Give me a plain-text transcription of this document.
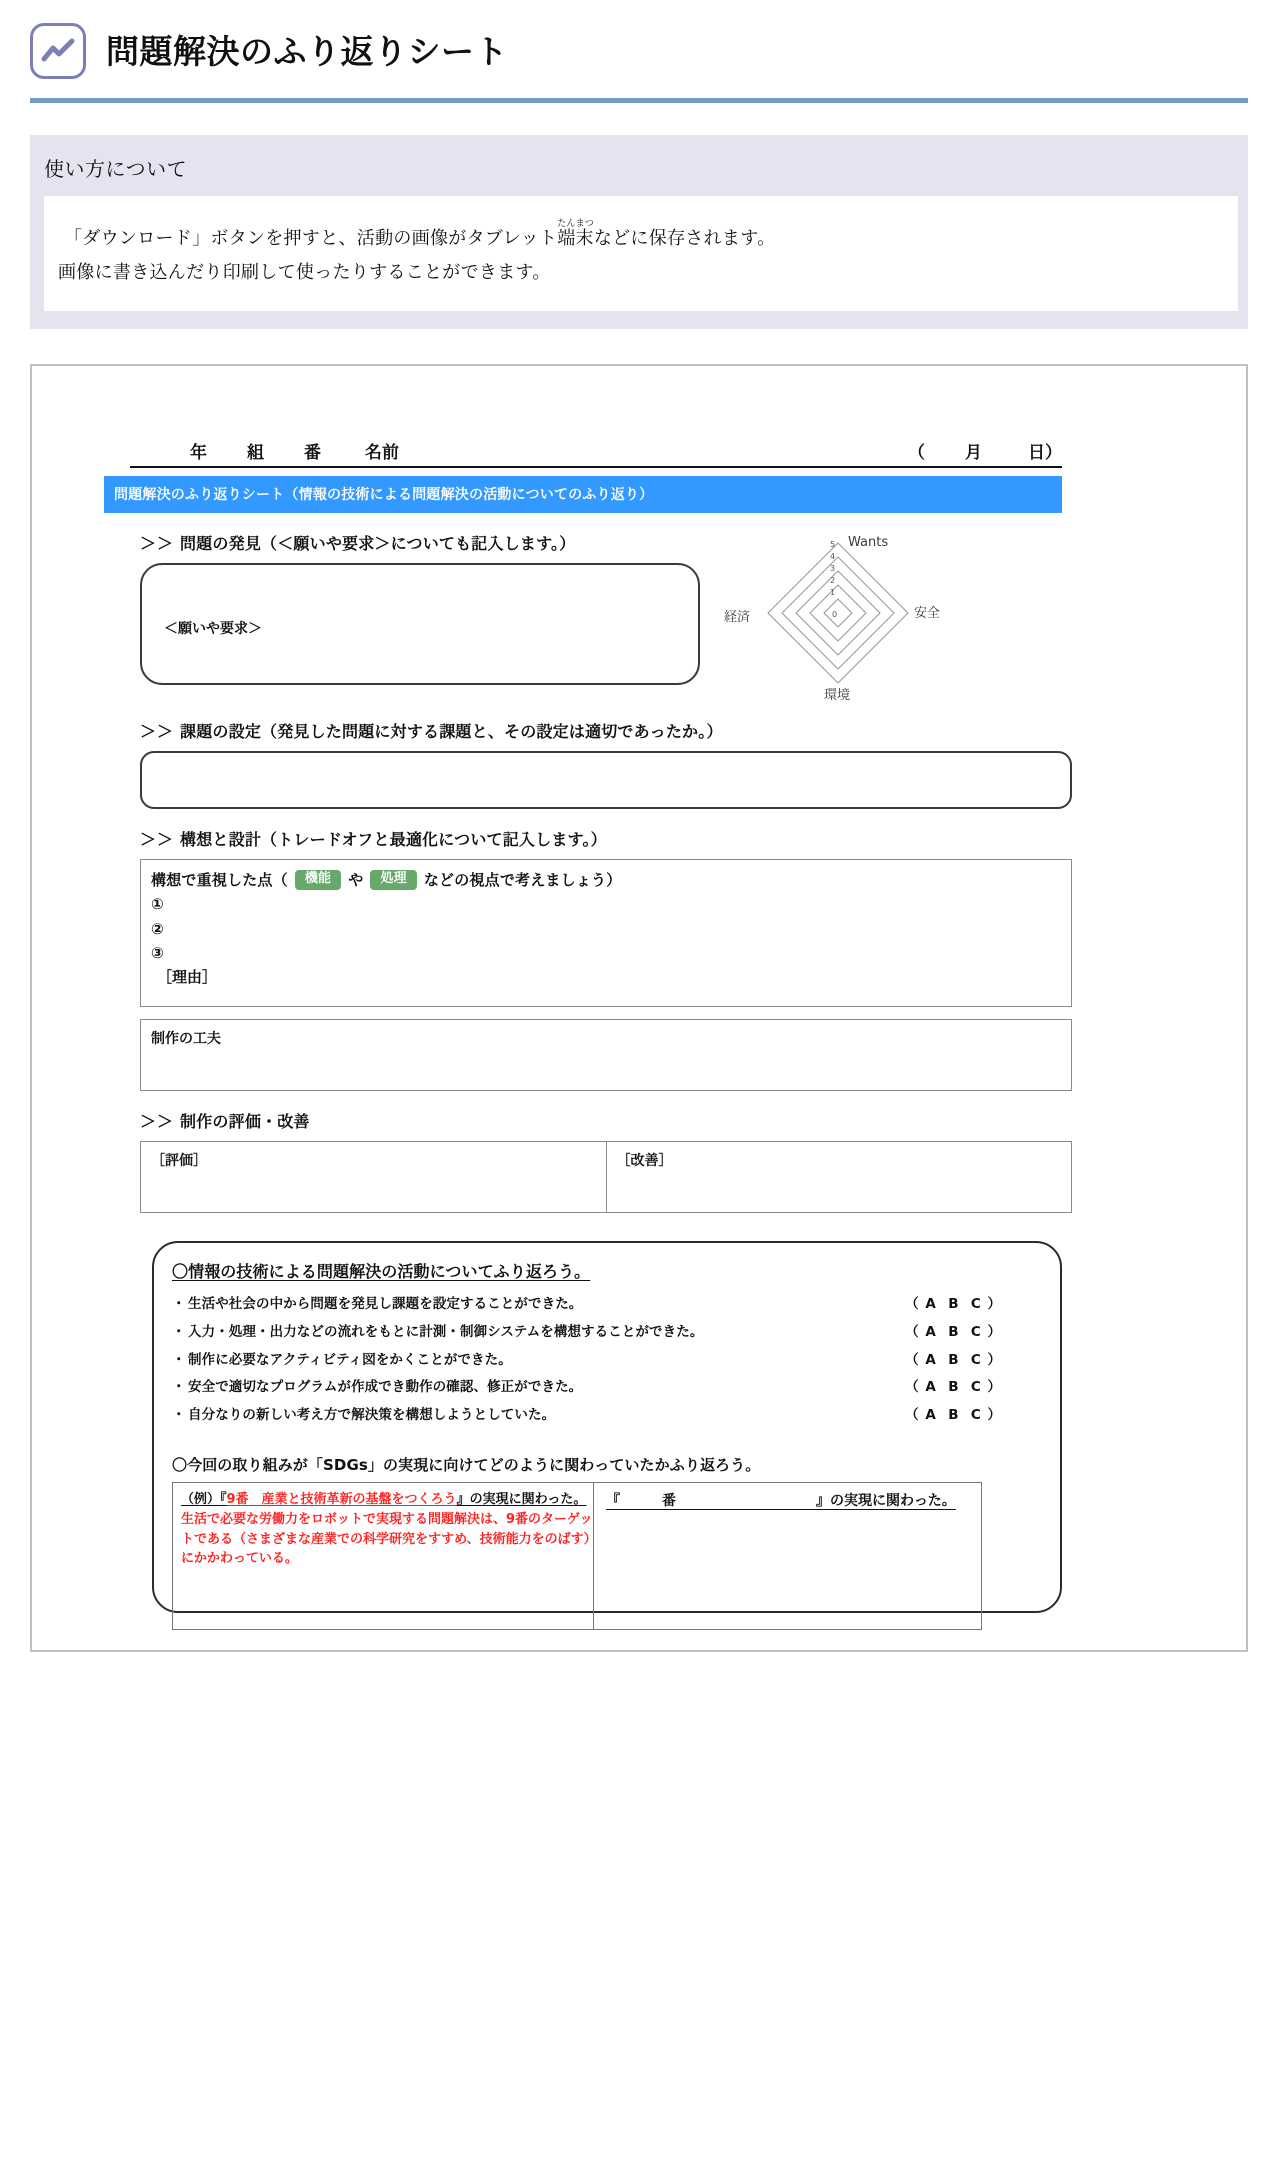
問題解決のふり返りシート
使い方について
「ダウンロード」ボタンを押すと、活動の画像がタブレット端末たんまつなどに保存されます。
画像に書き込んだり印刷して使ったりすることができます。
年 組 番	名前	（ 月	日）
問題解決のふり返りシート（情報の技術による問題解決の活動についてのふり返り）
＞＞ 問題の発見（＜願いや要求＞についても記入します。）
＜願いや要求＞
5
4
3
2
1
0
Wants
安全
環境
経済
＞＞ 課題の設定（発見した問題に対する課題と、その設定は適切であったか。）
＞＞ 構想と設計（トレードオフと最適化について記入します。）
構想で重視した点（	機能	や	処理	などの視点で考えましょう）
①
②
③
［理由］
制作の工夫
＞＞ 制作の評価・改善
［評価］	［改善］
〇情報の技術による問題解決の活動についてふり返ろう。
・ 生活や社会の中から問題を発見し課題を設定することができた。	（ A  B  C ）
・ 入力・処理・出力などの流れをもとに計測・制御システムを構想することができた。	（ A  B  C ）
・ 制作に必要なアクティビティ図をかくことができた。	（ A  B  C ）
・ 安全で適切なプログラムが作成でき動作の確認、修正ができた。	（ A  B  C ）
・ 自分なりの新しい考え方で解決策を構想しようとしていた。	（ A  B  C ）
〇今回の取り組みが「SDGs」の実現に向けてどのように関わっていたかふり返ろう。
（例）『9番　産業と技術革新の基盤をつくろう』の実現に関わった。
生活で必要な労働力をロボットで実現する問題解決は、9番のターゲットである（さまざまな産業での科学研究をすすめ、技術能力をのばす）にかかわっている。
『　　　番　　　　　　　　　　』の実現に関わった。
